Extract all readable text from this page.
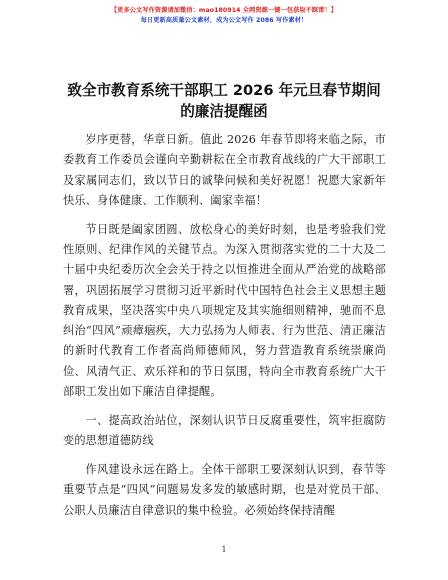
【更多公文写作资源请加微信：mao180914 全网资源一键一包获取不踩雷！】
每日更新高质量公文素材，成为公文写作 2086 写作素材！
致全市教育系统干部职工 2026 年元旦春节期间
的廉洁提醒函

岁序更替，华章日新。值此 2026 年春节即将来临之际，市委教育工作委员会谨向辛勤耕耘在全市教育战线的广大干部职工及家属同志们，致以节日的诚挚问候和美好祝愿！祝愿大家新年快乐、身体健康、工作顺利、阖家幸福！

节日既是阖家团圆、放松身心的美好时刻，也是考验我们党性原则、纪律作风的关键节点。为深入贯彻落实党的二十大及二十届中央纪委历次全会关于持之以恒推进全面从严治党的战略部署，巩固拓展学习贯彻习近平新时代中国特色社会主义思想主题教育成果，坚决落实中央八项规定及其实施细则精神，驰而不息纠治“四风”顽瘴痼疾，大力弘扬为人师表、行为世范、清正廉洁的新时代教育工作者高尚师德师风，努力营造教育系统崇廉尚俭、风清气正、欢乐祥和的节日氛围，特向全市教育系统广大干部职工发出如下廉洁自律提醒。

一、提高政治站位，深刻认识节日反腐重要性，筑牢拒腐防变的思想道德防线

作风建设永远在路上。全体干部职工要深刻认识到，春节等重要节点是“四风”问题易发多发的敏感时期，也是对党员干部、公职人员廉洁自律意识的集中检验。必须始终保持清醒

1
